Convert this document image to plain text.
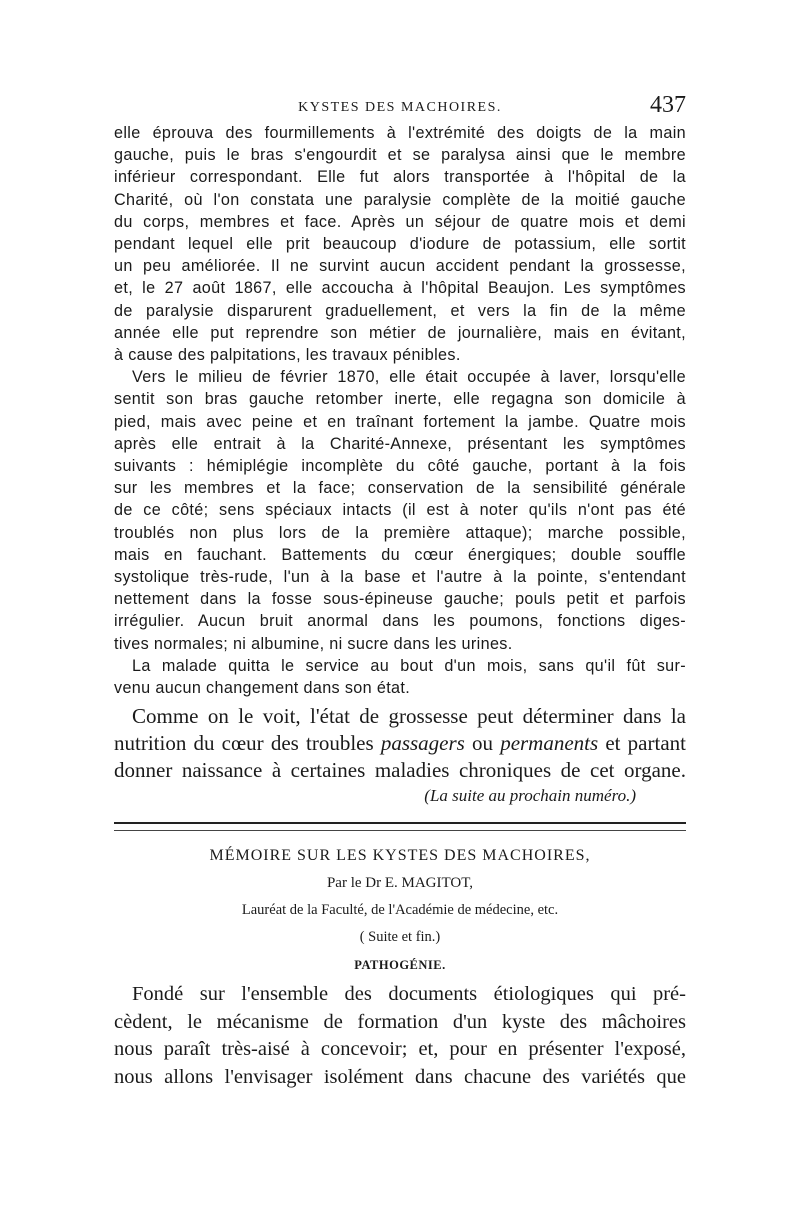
KYSTES DES MACHOIRES.	437
elle éprouva des fourmillements à l'extrémité des doigts de la main
gauche, puis le bras s'engourdit et se paralysa ainsi que le membre
inférieur correspondant. Elle fut alors transportée à l'hôpital de la
Charité, où l'on constata une paralysie complète de la moitié gauche
du corps, membres et face. Après un séjour de quatre mois et demi
pendant lequel elle prit beaucoup d'iodure de potassium, elle sortit
un peu améliorée. Il ne survint aucun accident pendant la grossesse,
et, le 27 août 1867, elle accoucha à l'hôpital Beaujon. Les symptômes
de paralysie disparurent graduellement, et vers la fin de la même
année elle put reprendre son métier de journalière, mais en évitant,
à cause des palpitations, les travaux pénibles.
Vers le milieu de février 1870, elle était occupée à laver, lorsqu'elle
sentit son bras gauche retomber inerte, elle regagna son domicile à
pied, mais avec peine et en traînant fortement la jambe. Quatre mois
après elle entrait à la Charité-Annexe, présentant les symptômes
suivants : hémiplégie incomplète du côté gauche, portant à la fois
sur les membres et la face; conservation de la sensibilité générale
de ce côté; sens spéciaux intacts (il est à noter qu'ils n'ont pas été
troublés non plus lors de la première attaque); marche possible,
mais en fauchant. Battements du cœur énergiques; double souffle
systolique très-rude, l'un à la base et l'autre à la pointe, s'entendant
nettement dans la fosse sous-épineuse gauche; pouls petit et parfois
irrégulier. Aucun bruit anormal dans les poumons, fonctions diges-
tives normales; ni albumine, ni sucre dans les urines.
La malade quitta le service au bout d'un mois, sans qu'il fût sur-
venu aucun changement dans son état.
Comme on le voit, l'état de grossesse peut déterminer dans la
nutrition du cœur des troubles passagers ou permanents et partant
donner naissance à certaines maladies chroniques de cet organe.
(La suite au prochain numéro.)
MÉMOIRE SUR LES KYSTES DES MACHOIRES,
Par le Dr E. MAGITOT,
Lauréat de la Faculté, de l'Académie de médecine, etc.
( Suite et fin.)
PATHOGÉNIE.
Fondé sur l'ensemble des documents étiologiques qui pré-
cèdent, le mécanisme de formation d'un kyste des mâchoires
nous paraît très-aisé à concevoir; et, pour en présenter l'exposé,
nous allons l'envisager isolément dans chacune des variétés que
